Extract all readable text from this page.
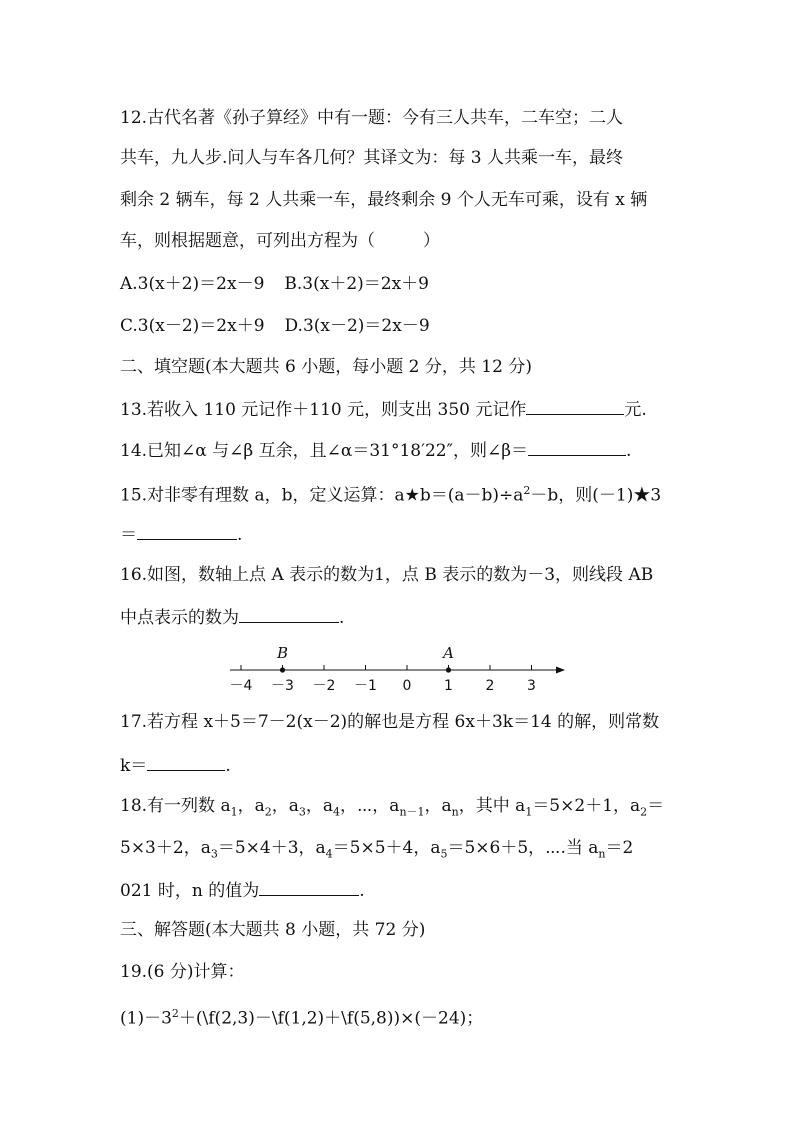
12.古代名著《孙子算经》中有一题：今有三人共车，二车空；二人
共车，九人步.问人与车各几何？其译文为：每 3 人共乘一车，最终
剩余 2 辆车，每 2 人共乘一车，最终剩余 9 个人无车可乘，设有 x 辆
车，则根据题意，可列出方程为（	）
A.3(x＋2)＝2x－9 B.3(x＋2)＝2x＋9
C.3(x－2)＝2x＋9 D.3(x－2)＝2x－9
二、填空题(本大题共 6 小题，每小题 2 分，共 12 分)
13.若收入 110 元记作＋110 元，则支出 350 元记作	元.
14.已知∠α 与∠β 互余，且∠α＝31°18′22″，则∠β＝	.
15.对非零有理数 a，b，定义运算：$a★b=(a-b)\div a^2-b$，则(－1)★3
＝	.
16.如图，数轴上点 A 表示的数为1，点 B 表示的数为－3，则线段 AB
中点表示的数为	.
－4 －3 －2 －1 0 1 2 3
A
B
17.若方程 x＋5＝7－2(x－2)的解也是方程 6x＋3k＝14 的解，则常数
k＝	.
18.有一列数 $a_1$，$a_2$，$a_3$，$a_4$，⋯，$a_{n-1}$，$a_n$，其中 $a_1=5\times 2+1$，$a_2=$
5×3＋2，$a_3=5\times 4+3$，$a_4=5\times 5+4$，$a_5=5\times 6+5$，⋯.当 $a_n=2$
021 时，n 的值为	.
三、解答题(本大题共 8 小题，共 72 分)
19.(6 分)计算：
$(1)-3^2+(\backslash f(2,3)-\backslash f(1,2)+\backslash f(5,8))\times(-24)$；
